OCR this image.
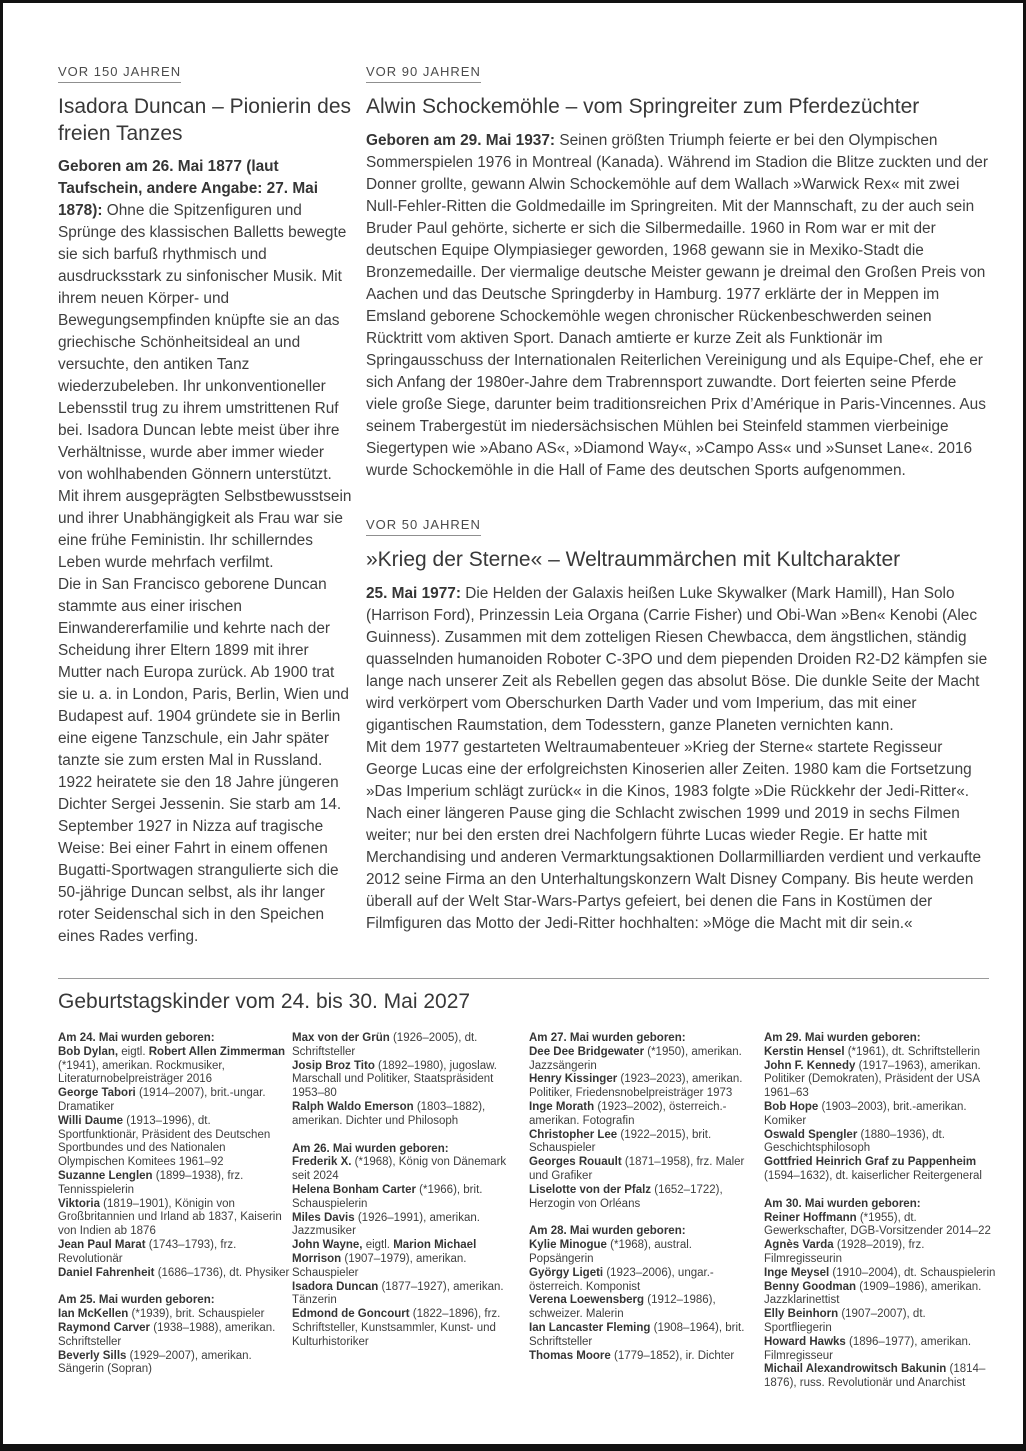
VOR 150 JAHREN

Isadora Duncan – Pionierin des freien Tanzes

Geboren am 26. Mai 1877 (laut Taufschein, andere Angabe: 27. Mai 1878): Ohne die Spitzenfiguren und Sprünge des klassischen Balletts bewegte sie sich barfuß rhythmisch und ausdrucksstark zu sinfonischer Musik. Mit ihrem neuen Körper- und Bewegungsempfinden knüpfte sie an das griechische Schönheitsideal an und versuchte, den antiken Tanz wiederzubeleben. Ihr unkonventioneller Lebensstil trug zu ihrem umstrittenen Ruf bei. Isadora Duncan lebte meist über ihre Verhältnisse, wurde aber immer wieder von wohlhabenden Gönnern unterstützt. Mit ihrem ausgeprägten Selbstbewusstsein und ihrer Unabhängigkeit als Frau war sie eine frühe Feministin. Ihr schillerndes Leben wurde mehrfach verfilmt.

Die in San Francisco geborene Duncan stammte aus einer irischen Einwandererfamilie und kehrte nach der Scheidung ihrer Eltern 1899 mit ihrer Mutter nach Europa zurück. Ab 1900 trat sie u. a. in London, Paris, Berlin, Wien und Budapest auf. 1904 gründete sie in Berlin eine eigene Tanzschule, ein Jahr später tanzte sie zum ersten Mal in Russland. 1922 heiratete sie den 18 Jahre jüngeren Dichter Sergei Jessenin. Sie starb am 14. September 1927 in Nizza auf tragische Weise: Bei einer Fahrt in einem offenen Bugatti-Sportwagen strangulierte sich die 50-jährige Duncan selbst, als ihr langer roter Seidenschal sich in den Speichen eines Rades verfing.

VOR 90 JAHREN

Alwin Schockemöhle – vom Springreiter zum Pferdezüchter

Geboren am 29. Mai 1937: Seinen größten Triumph feierte er bei den Olympischen Sommerspielen 1976 in Montreal (Kanada). Während im Stadion die Blitze zuckten und der Donner grollte, gewann Alwin Schockemöhle auf dem Wallach »Warwick Rex« mit zwei Null-Fehler-Ritten die Goldmedaille im Springreiten. Mit der Mannschaft, zu der auch sein Bruder Paul gehörte, sicherte er sich die Silbermedaille. 1960 in Rom war er mit der deutschen Equipe Olympiasieger geworden, 1968 gewann sie in Mexiko-Stadt die Bronzemedaille. Der viermalige deutsche Meister gewann je dreimal den Großen Preis von Aachen und das Deutsche Springderby in Hamburg. 1977 erklärte der in Meppen im Emsland geborene Schockemöhle wegen chronischer Rückenbeschwerden seinen Rücktritt vom aktiven Sport. Danach amtierte er kurze Zeit als Funktionär im Springausschuss der Internationalen Reiterlichen Vereinigung und als Equipe-Chef, ehe er sich Anfang der 1980er-Jahre dem Trabrennsport zuwandte. Dort feierten seine Pferde viele große Siege, darunter beim traditionsreichen Prix d’Amérique in Paris-Vincennes. Aus seinem Trabergestüt im niedersächsischen Mühlen bei Steinfeld stammen vierbeinige Siegertypen wie »Abano AS«, »Diamond Way«, »Campo Ass« und »Sunset Lane«. 2016 wurde Schockemöhle in die Hall of Fame des deutschen Sports aufgenommen.

VOR 50 JAHREN

»Krieg der Sterne« – Weltraummärchen mit Kultcharakter

25. Mai 1977: Die Helden der Galaxis heißen Luke Skywalker (Mark Hamill), Han Solo (Harrison Ford), Prinzessin Leia Organa (Carrie Fisher) und Obi-Wan »Ben« Kenobi (Alec Guinness). Zusammen mit dem zotteligen Riesen Chewbacca, dem ängstlichen, ständig quasselnden humanoiden Roboter C-3PO und dem piependen Droiden R2-D2 kämpfen sie lange nach unserer Zeit als Rebellen gegen das absolut Böse. Die dunkle Seite der Macht wird verkörpert vom Oberschurken Darth Vader und vom Imperium, das mit einer gigantischen Raumstation, dem Todesstern, ganze Planeten vernichten kann.

Mit dem 1977 gestarteten Weltraumabenteuer »Krieg der Sterne« startete Regisseur George Lucas eine der erfolgreichsten Kinoserien aller Zeiten. 1980 kam die Fortsetzung »Das Imperium schlägt zurück« in die Kinos, 1983 folgte »Die Rückkehr der Jedi-Ritter«. Nach einer längeren Pause ging die Schlacht zwischen 1999 und 2019 in sechs Filmen weiter; nur bei den ersten drei Nachfolgern führte Lucas wieder Regie. Er hatte mit Merchandising und anderen Vermarktungsaktionen Dollarmilliarden verdient und verkaufte 2012 seine Firma an den Unterhaltungskonzern Walt Disney Company. Bis heute werden überall auf der Welt Star-Wars-Partys gefeiert, bei denen die Fans in Kostümen der Filmfiguren das Motto der Jedi-Ritter hochhalten: »Möge die Macht mit dir sein.«

Geburtstagskinder vom 24. bis 30. Mai 2027

Am 24. Mai wurden geboren:

Bob Dylan, eigtl. Robert Allen Zimmerman (*1941), amerikan. Rockmusiker, Literaturnobelpreisträger 2016

George Tabori (1914–2007), brit.-ungar. Dramatiker

Willi Daume (1913–1996), dt. Sportfunktionär, Präsident des Deutschen Sportbundes und des Nationalen Olympischen Komitees 1961–92

Suzanne Lenglen (1899–1938), frz. Tennisspielerin

Viktoria (1819–1901), Königin von Großbritannien und Irland ab 1837, Kaiserin von Indien ab 1876

Jean Paul Marat (1743–1793), frz. Revolutionär

Daniel Fahrenheit (1686–1736), dt. Physiker

Am 25. Mai wurden geboren:

Ian McKellen (*1939), brit. Schauspieler

Raymond Carver (1938–1988), amerikan. Schriftsteller

Beverly Sills (1929–2007), amerikan. Sängerin (Sopran)

Max von der Grün (1926–2005), dt. Schriftsteller

Josip Broz Tito (1892–1980), jugoslaw. Marschall und Politiker, Staatspräsident 1953–80

Ralph Waldo Emerson (1803–1882), amerikan. Dichter und Philosoph

Am 26. Mai wurden geboren:

Frederik X. (*1968), König von Dänemark seit 2024

Helena Bonham Carter (*1966), brit. Schauspielerin

Miles Davis (1926–1991), amerikan. Jazzmusiker

John Wayne, eigtl. Marion Michael Morrison (1907–1979), amerikan. Schauspieler

Isadora Duncan (1877–1927), amerikan. Tänzerin

Edmond de Goncourt (1822–1896), frz. Schriftsteller, Kunstsammler, Kunst- und Kulturhistoriker

Am 27. Mai wurden geboren:

Dee Dee Bridgewater (*1950), amerikan. Jazzsängerin

Henry Kissinger (1923–2023), amerikan. Politiker, Friedensnobelpreisträger 1973

Inge Morath (1923–2002), österreich.-amerikan. Fotografin

Christopher Lee (1922–2015), brit. Schauspieler

Georges Rouault (1871–1958), frz. Maler und Grafiker

Liselotte von der Pfalz (1652–1722), Herzogin von Orléans

Am 28. Mai wurden geboren:

Kylie Minogue (*1968), austral. Popsängerin

György Ligeti (1923–2006), ungar.-österreich. Komponist

Verena Loewensberg (1912–1986), schweizer. Malerin

Ian Lancaster Fleming (1908–1964), brit. Schriftsteller

Thomas Moore (1779–1852), ir. Dichter

Am 29. Mai wurden geboren:

Kerstin Hensel (*1961), dt. Schriftstellerin

John F. Kennedy (1917–1963), amerikan. Politiker (Demokraten), Präsident der USA 1961–63

Bob Hope (1903–2003), brit.-amerikan. Komiker

Oswald Spengler (1880–1936), dt. Geschichtsphilosoph

Gottfried Heinrich Graf zu Pappenheim (1594–1632), dt. kaiserlicher Reitergeneral

Am 30. Mai wurden geboren:

Reiner Hoffmann (*1955), dt. Gewerkschafter, DGB-Vorsitzender 2014–22

Agnès Varda (1928–2019), frz. Filmregisseurin

Inge Meysel (1910–2004), dt. Schauspielerin

Benny Goodman (1909–1986), amerikan. Jazzklarinettist

Elly Beinhorn (1907–2007), dt. Sportfliegerin

Howard Hawks (1896–1977), amerikan. Filmregisseur

Michail Alexandrowitsch Bakunin (1814–1876), russ. Revolutionär und Anarchist
